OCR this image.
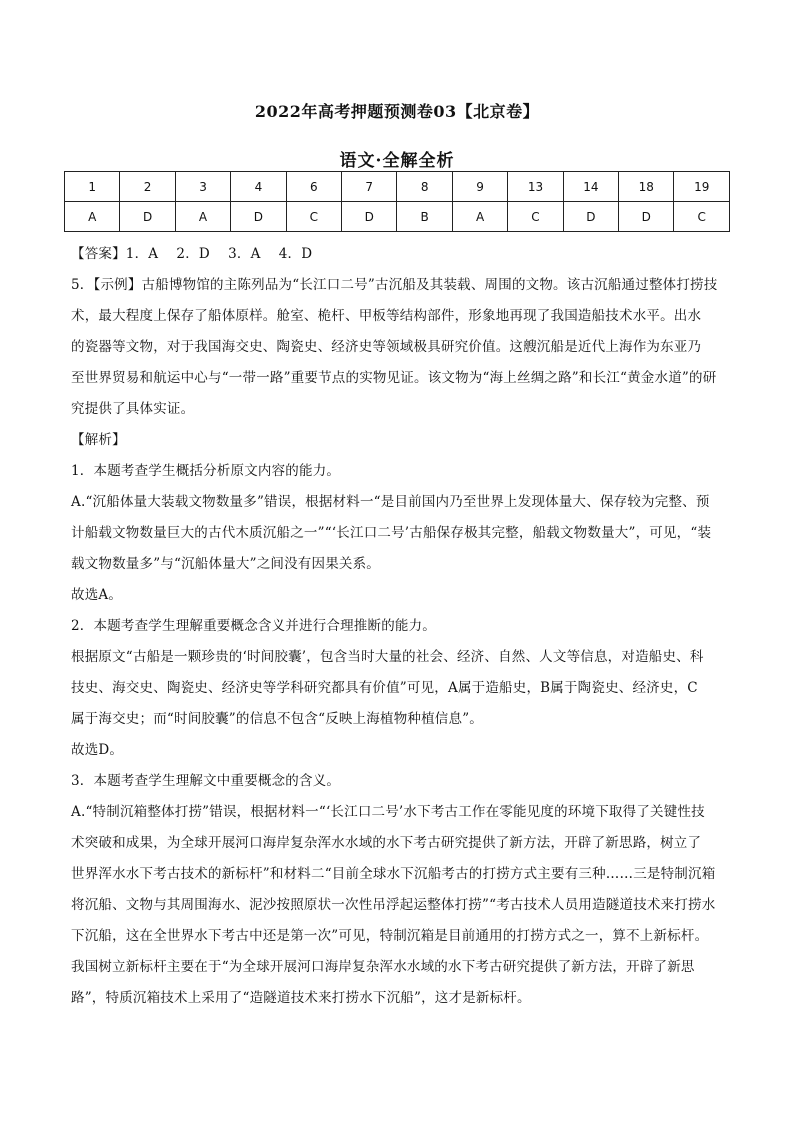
2022年高考押题预测卷03【北京卷】
语文·全解全析
1	2	3	4	6	7	8	9	13	14	18	19
A	D	A	D	C	D	B	A	C	D	D	C

【答案】1．A　 2．D　 3．A　 4．D

5．【示例】古船博物馆的主陈列品为“长江口二号”古沉船及其装载、周围的文物。该古沉船通过整体打捞技

术，最大程度上保存了船体原样。舱室、桅杆、甲板等结构部件，形象地再现了我国造船技术水平。出水

的瓷器等文物，对于我国海交史、陶瓷史、经济史等领域极具研究价值。这艘沉船是近代上海作为东亚乃

至世界贸易和航运中心与“一带一路”重要节点的实物见证。该文物为“海上丝绸之路”和长江“黄金水道”的研

究提供了具体实证。

【解析】

1．本题考查学生概括分析原文内容的能力。

A.“沉船体量大装载文物数量多”错误，根据材料一“是目前国内乃至世界上发现体量大、保存较为完整、预

计船载文物数量巨大的古代木质沉船之一”“‘长江口二号’古船保存极其完整，船载文物数量大”，可见，“装

载文物数量多”与“沉船体量大”之间没有因果关系。

故选A。

2．本题考查学生理解重要概念含义并进行合理推断的能力。

根据原文“古船是一颗珍贵的‘时间胶囊’，包含当时大量的社会、经济、自然、人文等信息，对造船史、科

技史、海交史、陶瓷史、经济史等学科研究都具有价值”可见，A属于造船史，B属于陶瓷史、经济史，C

属于海交史；而“时间胶囊”的信息不包含“反映上海植物种植信息”。

故选D。

3．本题考查学生理解文中重要概念的含义。

A.“特制沉箱整体打捞”错误，根据材料一“‘长江口二号’水下考古工作在零能见度的环境下取得了关键性技

术突破和成果，为全球开展河口海岸复杂浑水水域的水下考古研究提供了新方法，开辟了新思路，树立了

世界浑水水下考古技术的新标杆”和材料二“目前全球水下沉船考古的打捞方式主要有三种……三是特制沉箱

将沉船、文物与其周围海水、泥沙按照原状一次性吊浮起运整体打捞”“考古技术人员用造隧道技术来打捞水

下沉船，这在全世界水下考古中还是第一次”可见，特制沉箱是目前通用的打捞方式之一，算不上新标杆。

我国树立新标杆主要在于“为全球开展河口海岸复杂浑水水域的水下考古研究提供了新方法，开辟了新思

路”，特质沉箱技术上采用了“造隧道技术来打捞水下沉船”，这才是新标杆。
